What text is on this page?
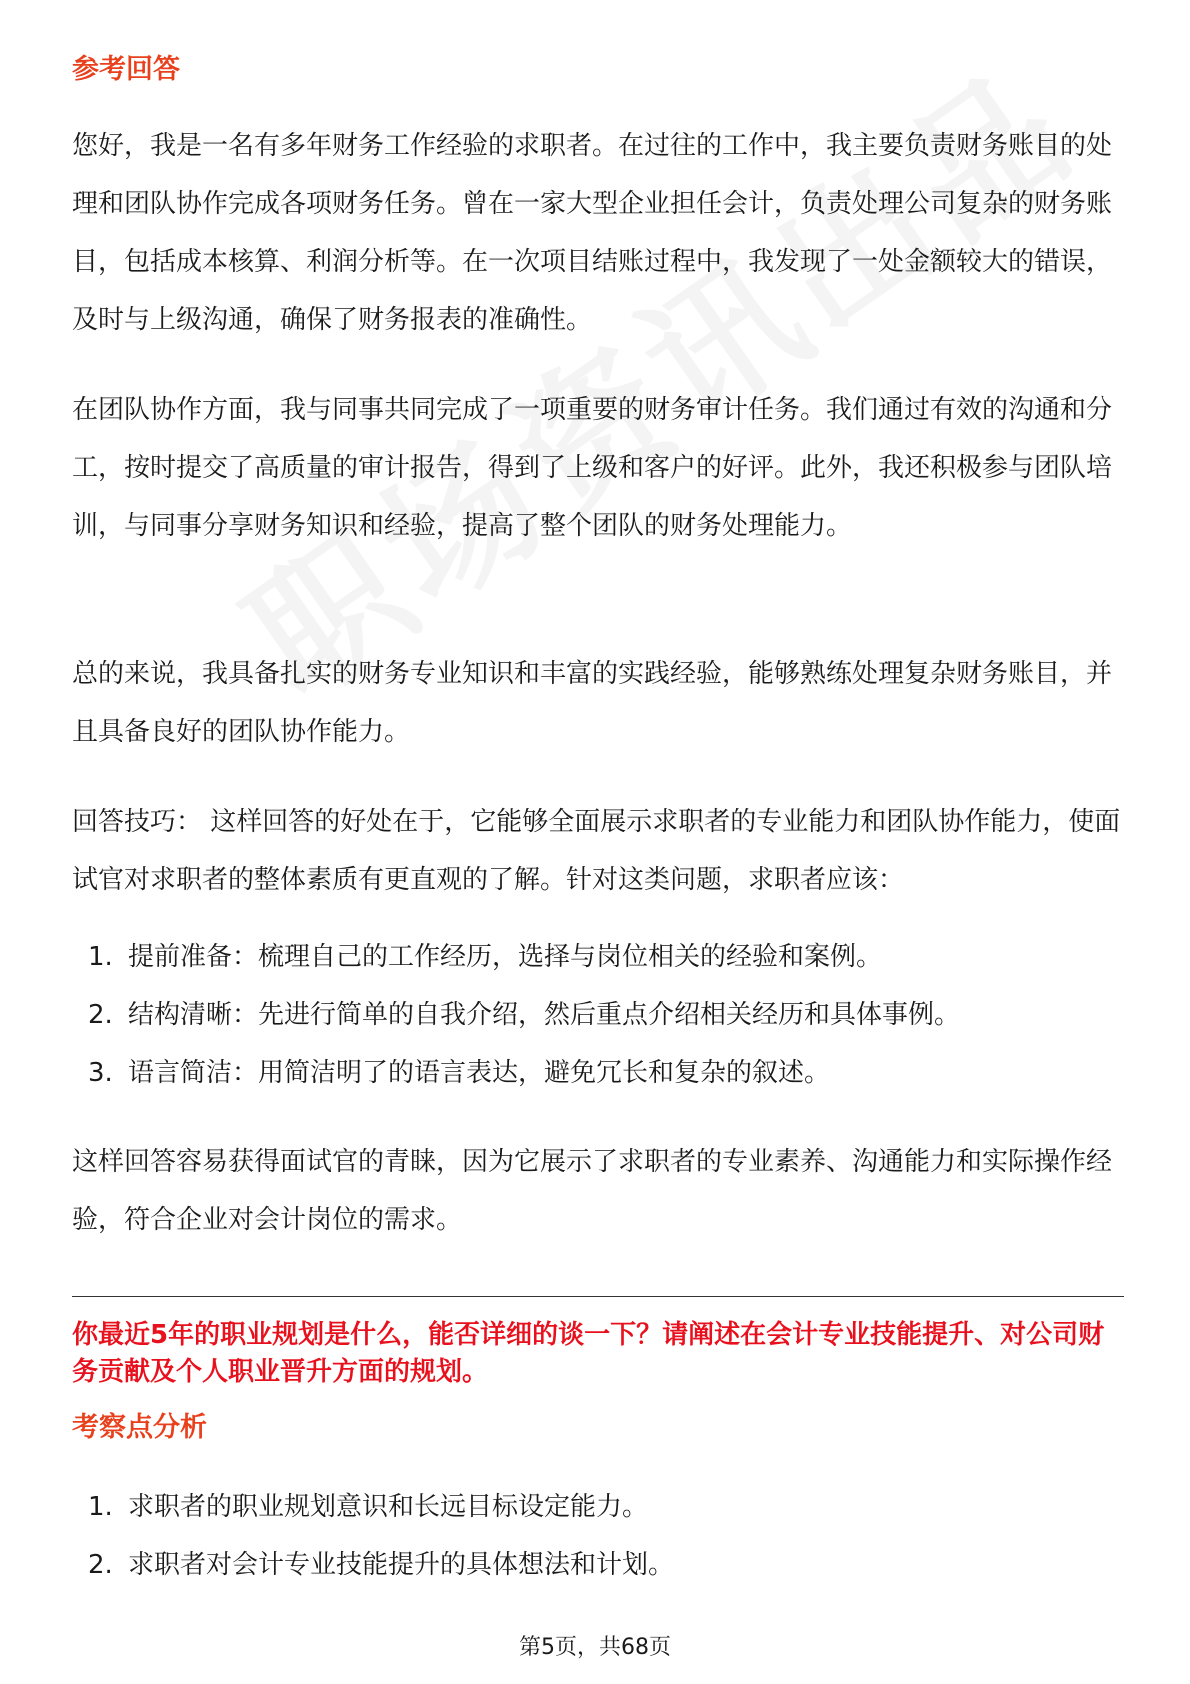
参考回答

您好，我是一名有多年财务工作经验的求职者。在过往的工作中，我主要负责财务账目的处理和团队协作完成各项财务任务。曾在一家大型企业担任会计，负责处理公司复杂的财务账目，包括成本核算、利润分析等。在一次项目结账过程中，我发现了一处金额较大的错误，及时与上级沟通，确保了财务报表的准确性。

在团队协作方面，我与同事共同完成了一项重要的财务审计任务。我们通过有效的沟通和分工，按时提交了高质量的审计报告，得到了上级和客户的好评。此外，我还积极参与团队培训，与同事分享财务知识和经验，提高了整个团队的财务处理能力。

总的来说，我具备扎实的财务专业知识和丰富的实践经验，能够熟练处理复杂财务账目，并且具备良好的团队协作能力。

回答技巧： 这样回答的好处在于，它能够全面展示求职者的专业能力和团队协作能力，使面试官对求职者的整体素质有更直观的了解。针对这类问题，求职者应该：

1. 提前准备：梳理自己的工作经历，选择与岗位相关的经验和案例。
2. 结构清晰：先进行简单的自我介绍，然后重点介绍相关经历和具体事例。
3. 语言简洁：用简洁明了的语言表达，避免冗长和复杂的叙述。

这样回答容易获得面试官的青睐，因为它展示了求职者的专业素养、沟通能力和实际操作经验，符合企业对会计岗位的需求。

你最近5年的职业规划是什么，能否详细的谈一下？请阐述在会计专业技能提升、对公司财务贡献及个人职业晋升方面的规划。
考察点分析
1. 求职者的职业规划意识和长远目标设定能力。
2. 求职者对会计专业技能提升的具体想法和计划。
第5页，共68页
